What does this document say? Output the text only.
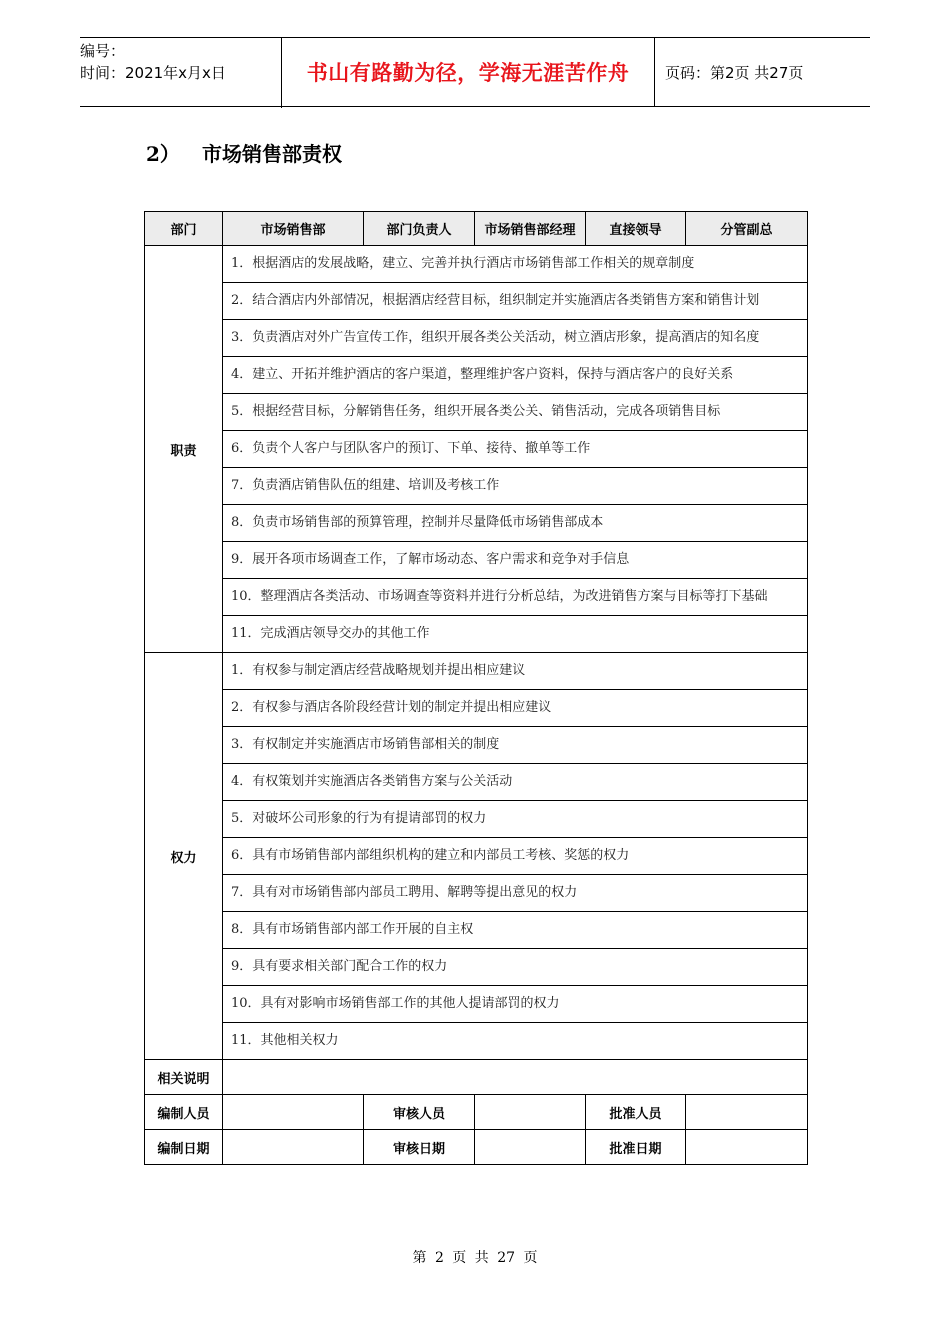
编号：
时间：2021年x月x日	书山有路勤为径，学海无涯苦作舟	页码：第2页 共27页
2） 市场销售部责权
部门	市场销售部	部门负责人	市场销售部经理	直接领导	分管副总
职责	1．根据酒店的发展战略，建立、完善并执行酒店市场销售部工作相关的规章制度				
	2．结合酒店内外部情况，根据酒店经营目标，组织制定并实施酒店各类销售方案和销售计划				
	3．负责酒店对外广告宣传工作，组织开展各类公关活动，树立酒店形象，提高酒店的知名度				
	4．建立、开拓并维护酒店的客户渠道，整理维护客户资料，保持与酒店客户的良好关系				
	5．根据经营目标，分解销售任务，组织开展各类公关、销售活动，完成各项销售目标				
	6．负责个人客户与团队客户的预订、下单、接待、撤单等工作				
	7．负责酒店销售队伍的组建、培训及考核工作				
	8．负责市场销售部的预算管理，控制并尽量降低市场销售部成本				
	9．展开各项市场调查工作，了解市场动态、客户需求和竞争对手信息				
	10．整理酒店各类活动、市场调查等资料并进行分析总结，为改进销售方案与目标等打下基础				
	11．完成酒店领导交办的其他工作				
权力	1．有权参与制定酒店经营战略规划并提出相应建议				
	2．有权参与酒店各阶段经营计划的制定并提出相应建议				
	3．有权制定并实施酒店市场销售部相关的制度				
	4．有权策划并实施酒店各类销售方案与公关活动				
	5．对破坏公司形象的行为有提请部罚的权力				
	6．具有市场销售部内部组织机构的建立和内部员工考核、奖惩的权力				
	7．具有对市场销售部内部员工聘用、解聘等提出意见的权力				
	8．具有市场销售部内部工作开展的自主权				
	9．具有要求相关部门配合工作的权力				
	10．具有对影响市场销售部工作的其他人提请部罚的权力				
	11．其他相关权力				
相关说明					
编制人员		审核人员		批准人员	
编制日期		审核日期		批准日期	
第 2 页 共 27 页
